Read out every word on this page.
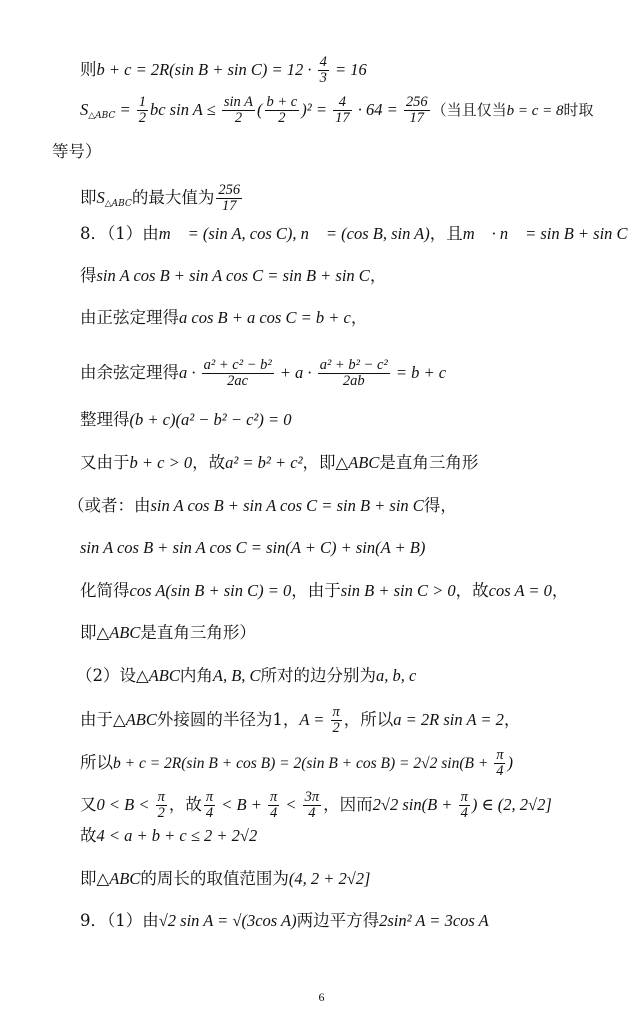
则b + c = 2R(sin $B + \sin C) = 12 \cdot \frac{4}{3} = 16$
$S_{\triangle ABC} = \frac{1}{2}$ bc $\sin A \le \frac{\text{sin A}}{2}$ ( $\frac{b + c}{2} )^2 = \frac{4}{17} \cdot 64 = \frac{256}{17}$ （当且仅当b = c = 8时取
等号）
即$S_{\triangle ABC}$的最大值为 $\frac{256}{17}$
8．（1）由m⃗ = (sin A, cos C), n⃗ = (cos B, sin A)，且m⃗ · n⃗ = sin B + sin C
得sin A cos B + sin A cos C = sin B + sin C，
由正弦定理得a cos B + a cos C = b + c，
由余弦定理得$a \cdot \frac{\text{a² + c² − b²}}{2ac} + a \cdot \frac{\text{a² + b² − c²}}{2ab} = b + c$
整理得(b + c)(a² − b² − c²) = 0
又由于b + c > 0，故a² = b² + c²，即△ABC是直角三角形
（或者：由sin A cos B + sin A cos C = sin B + sin C得，
sin A cos B + sin A cos C = sin(A + C) + sin(A + B)
化简得cos A(sin B + sin C) = 0，由于sin B + sin C > 0，故cos A = 0，
即△ABC是直角三角形）
（2）设△ABC内角A, B, C所对的边分别为a, b, c
由于△ABC外接圆的半径为1，$A = \frac{\pi}{2}$ ，所以a = 2R sin A = 2，
所以b + c = 2R(sin B + cos B) = 2(sin B + cos B) = 2√2 $\sin(B + \frac{\pi}{4}$ )
又$0 < B < \frac{\pi}{2}$ ，故 $\frac{\pi}{4} < B + \frac{\pi}{4} < \frac{3\pi}{4}$ ，因而2√2 $\sin(B + \frac{\pi}{4}$ ) ∈ (2, 2√2]
故4 < a + b + c ≤ 2 + 2√2
即△ABC的周长的取值范围为(4, 2 + 2√2]
9．（1）由√2 sin A = √(3cos A)两边平方得2sin² A = 3cos A
6
